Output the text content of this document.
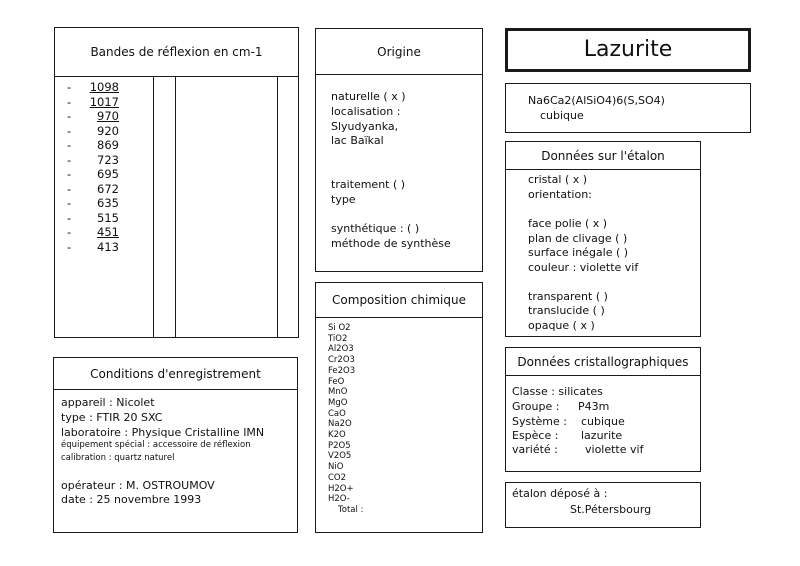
Bandes de réflexion en cm-1
- 1098
- 1017
- 970
- 920
- 869
- 723
- 695
- 672
- 635
- 515
- 451
- 413
Origine
naturelle ( x )
localisation :
Slyudyanka,
lac Baïkal
traitement ( )
type
synthétique : ( )
méthode de synthèse
Composition chimique
Si O2
TiO2
Al2O3
Cr2O3
Fe2O3
FeO
MnO
MgO
CaO
Na2O
K2O
P2O5
V2O5
NiO
CO2
H2O+
H2O-
Total :
Conditions d'enregistrement
appareil : Nicolet
type : FTIR 20 SXC
laboratoire : Physique Cristalline IMN
équipement spécial : accessoire de réflexion
calibration : quartz naturel
opérateur : M. OSTROUMOV
date : 25 novembre 1993
Lazurite
Na6Ca2(AlSiO4)6(S,SO4)
cubique
Données sur l'étalon
cristal ( x )
orientation:
face polie ( x )
plan de clivage ( )
surface inégale ( )
couleur : violette vif
transparent ( )
translucide ( )
opaque ( x )
Données cristallographiques
Classe : silicates
Groupe : P43m
Système : cubique
Espèce : lazurite
variété : violette vif
étalon déposé à :
St.Pétersbourg
